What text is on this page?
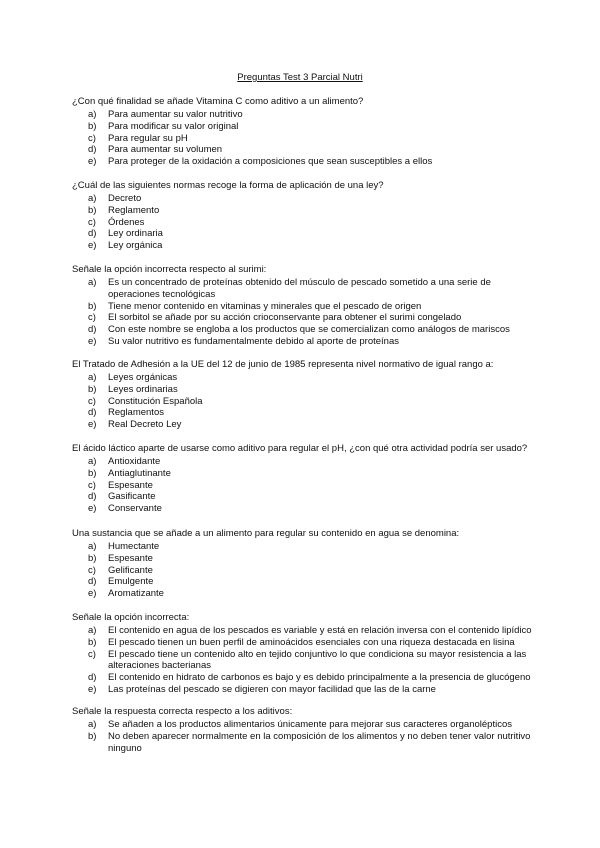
Preguntas Test 3 Parcial Nutri
¿Con qué finalidad se añade Vitamina C como aditivo a un alimento?
a)	Para aumentar su valor nutritivo
b)	Para modificar su valor original
c)	Para regular su pH
d)	Para aumentar su volumen
e)	Para proteger de la oxidación a composiciones que sean susceptibles a ellos
¿Cuál de las siguientes normas recoge la forma de aplicación de una ley?
a)	Decreto
b)	Reglamento
c)	Órdenes
d)	Ley ordinaria
e)	Ley orgánica
Señale la opción incorrecta respecto al surimi:
a)	Es un concentrado de proteínas obtenido del músculo de pescado sometido a una serie de operaciones tecnológicas
b)	Tiene menor contenido en vitaminas y minerales que el pescado de origen
c)	El sorbitol se añade por su acción crioconservante para obtener el surimi congelado
d)	Con este nombre se engloba a los productos que se comercializan como análogos de mariscos
e)	Su valor nutritivo es fundamentalmente debido al aporte de proteínas
El Tratado de Adhesión a la UE del 12 de junio de 1985 representa nivel normativo de igual rango a:
a)	Leyes orgánicas
b)	Leyes ordinarias
c)	Constitución Española
d)	Reglamentos
e)	Real Decreto Ley
El ácido láctico aparte de usarse como aditivo para regular el pH, ¿con qué otra actividad podría ser usado?
a)	Antioxidante
b)	Antiaglutinante
c)	Espesante
d)	Gasificante
e)	Conservante
Una sustancia que se añade a un alimento para regular su contenido en agua se denomina:
a)	Humectante
b)	Espesante
c)	Gelificante
d)	Emulgente
e)	Aromatizante
Señale la opción incorrecta:
a)	El contenido en agua de los pescados es variable y está en relación inversa con el contenido lipídico
b)	El pescado tienen un buen perfil de aminoácidos esenciales con una riqueza destacada en lisina
c)	El pescado tiene un contenido alto en tejido conjuntivo lo que condiciona su mayor resistencia a las alteraciones bacterianas
d)	El contenido en hidrato de carbonos es bajo y es debido principalmente a la presencia de glucógeno
e)	Las proteínas del pescado se digieren con mayor facilidad que las de la carne
Señale la respuesta correcta respecto a los aditivos:
a)	Se añaden a los productos alimentarios únicamente para mejorar sus caracteres organolépticos
b)	No deben aparecer normalmente en la composición de los alimentos y no deben tener valor nutritivo ninguno
